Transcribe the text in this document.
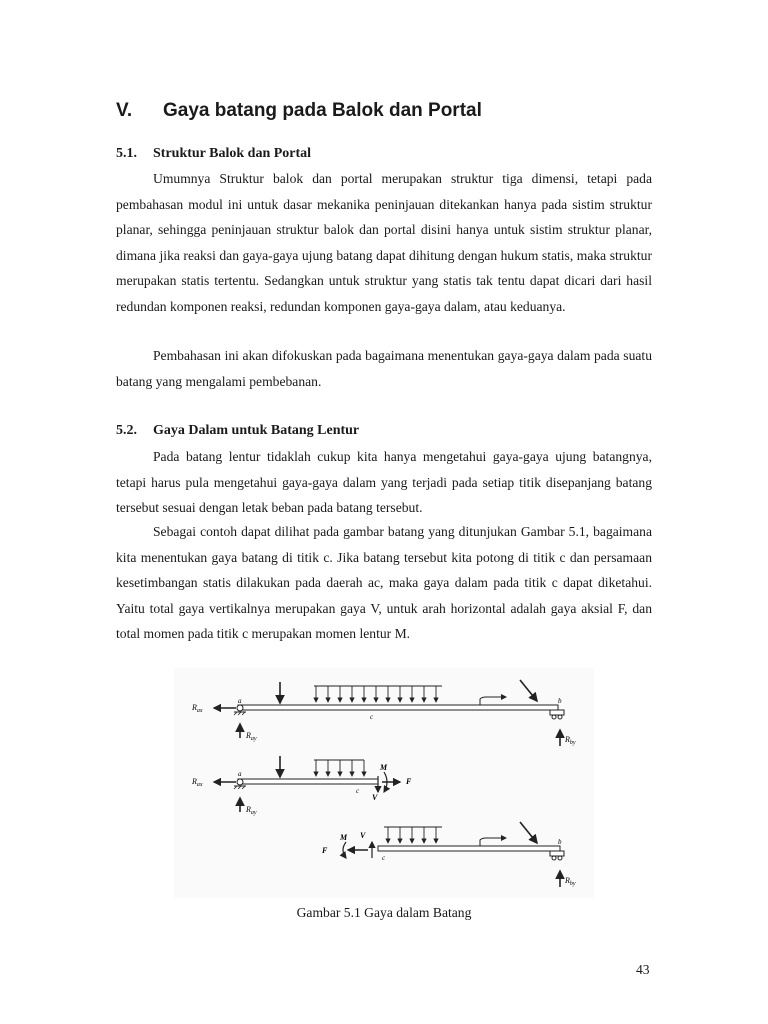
V. Gaya batang pada Balok dan Portal
5.1. Struktur Balok dan Portal

Umumnya Struktur balok dan portal merupakan struktur tiga dimensi, tetapi pada pembahasan modul ini untuk dasar mekanika peninjauan ditekankan hanya pada sistim struktur planar, sehingga peninjauan struktur balok dan portal disini hanya untuk sistim struktur planar, dimana jika reaksi dan gaya-gaya ujung batang dapat dihitung dengan hukum statis, maka struktur merupakan statis tertentu. Sedangkan untuk struktur yang statis tak tentu dapat dicari dari hasil redundan komponen reaksi, redundan komponen gaya-gaya dalam, atau keduanya.

Pembahasan ini akan difokuskan pada bagaimana menentukan gaya-gaya dalam pada suatu batang yang mengalami pembebanan.

5.2. Gaya Dalam untuk Batang Lentur

Pada batang lentur tidaklah cukup kita hanya mengetahui gaya-gaya ujung batangnya, tetapi harus pula mengetahui gaya-gaya dalam yang terjadi pada setiap titik disepanjang batang tersebut sesuai dengan letak beban pada batang tersebut.

Sebagai contoh dapat dilihat pada gambar batang yang ditunjukan Gambar 5.1, bagaimana kita menentukan gaya batang di titik c. Jika batang tersebut kita potong di titik c dan persamaan kesetimbangan statis dilakukan pada daerah ac, maka gaya dalam pada titik c dapat diketahui. Yaitu total gaya vertikalnya merupakan gaya V, untuk arah horizontal adalah gaya aksial F, dan total momen pada titik c merupakan momen lentur M.

$R_{ax}$
$R_{ay}$	$R_{by}$
a	b
c
$R_{ax}$
$R_{ay}$
a
c
M
V
F
$R_{by}$
b
c
M V
F
Gambar 5.1 Gaya dalam Batang
43
